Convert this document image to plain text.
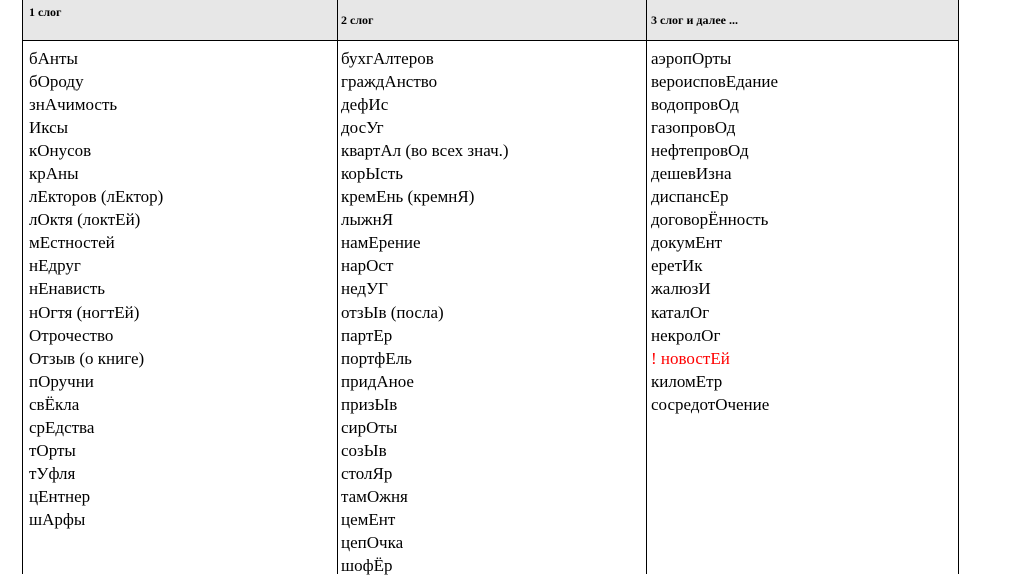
1 слог
2 слог	3 слог и далее ...
бАнты
бОроду
знАчимость
Иксы
кОнусов
крАны
лЕкторов (лЕктор)
лОктя (локтЕй)
мЕстностей
нЕдруг
нЕнависть
нОгтя (ногтЕй)
Отрочество
Отзыв (о книге)
пОручни
свЁкла
срЕдства
тОрты
тУфля
цЕнтнер
шАрфы
бухгАлтеров
граждАнство
дефИс
досУг
квартАл (во всех знач.)
корЫсть
кремЕнь (кремнЯ)
лыжнЯ
намЕрение
нарОст
недУГ
отзЫв (посла)
партЕр
портфЕль
придАное
призЫв
сирОты
созЫв
столЯр
тамОжня
цемЕнт
цепОчка
шофЁр
аэропОрты
вероисповЕдание
водопровОд
газопровОд
нефтепровОд
дешевИзна
диспансЕр
договорЁнность
докумЕнт
еретИк
жалюзИ
каталОг
некролОг
! новостЕй
киломЕтр
сосредотОчение
